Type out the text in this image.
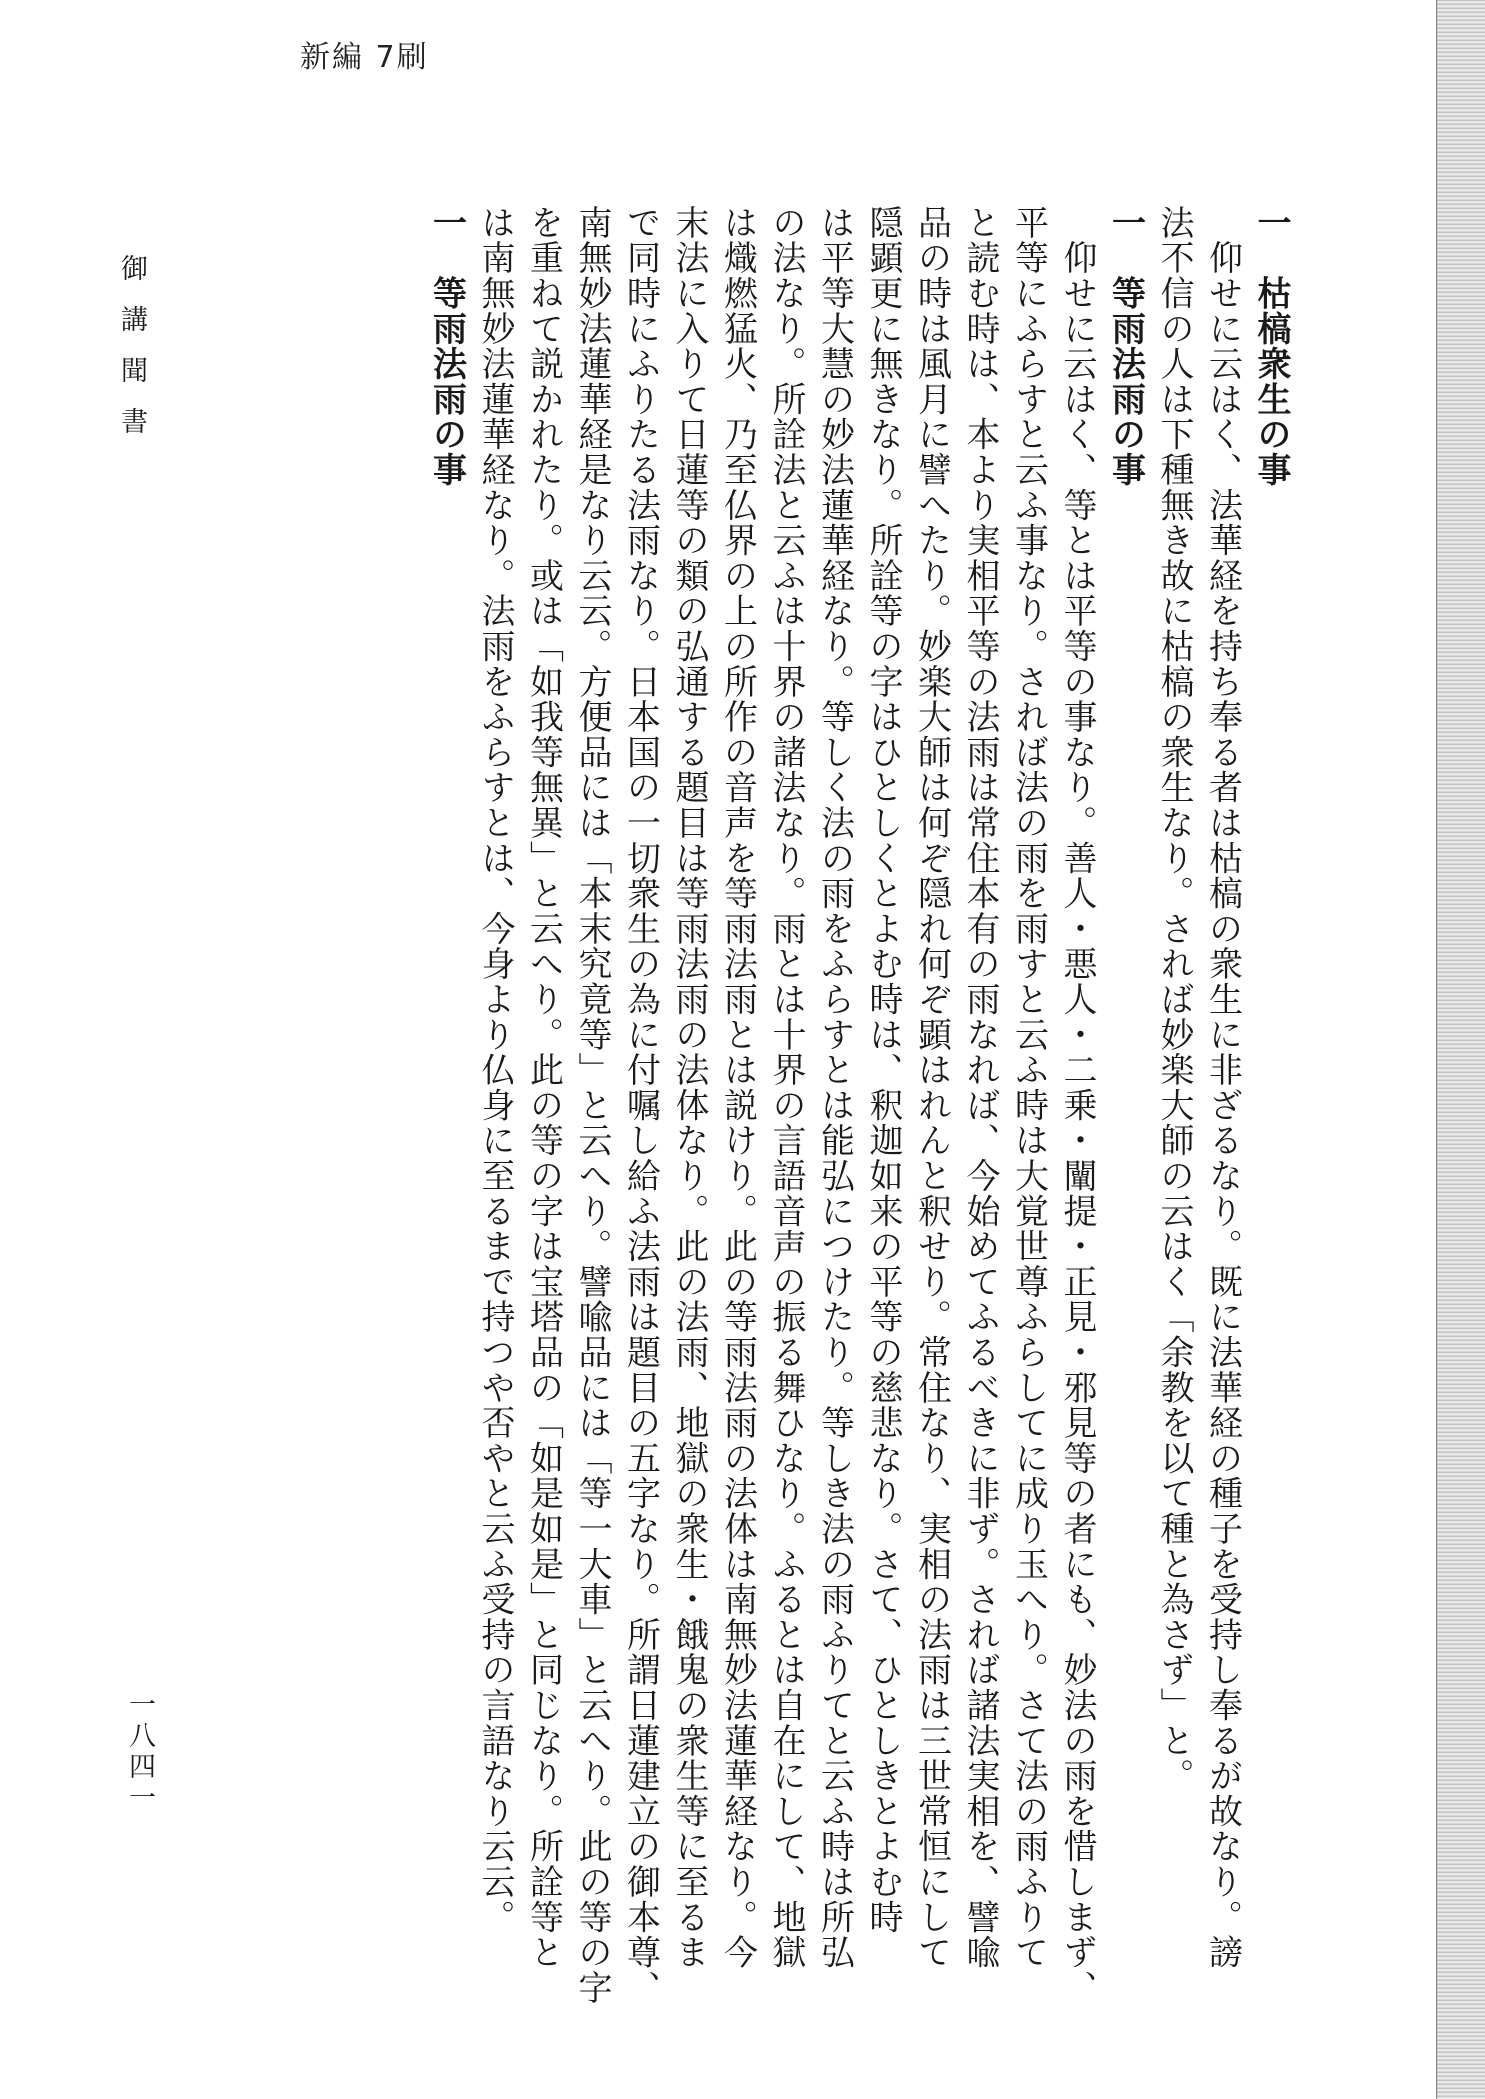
新編 7刷

一　枯槁衆生の事

　仰せに云はく、法華経を持ち奉る者は枯槁の衆生に非ざるなり。既に法華経の種子を受持し奉るが故なり。謗

法不信の人は下種無き故に枯槁の衆生なり。されば妙楽大師の云はく「余教を以て種と為さず」と。

一　等雨法雨の事

　仰せに云はく、等とは平等の事なり。善人・悪人・二乗・闡提・正見・邪見等の者にも、妙法の雨を惜しまず、

平等にふらすと云ふ事なり。されば法の雨を雨すと云ふ時は大覚世尊ふらしてに成り玉へり。さて法の雨ふりて

と読む時は、本より実相平等の法雨は常住本有の雨なれば、今始めてふるべきに非ず。されば諸法実相を、譬喩

品の時は風月に譬へたり。妙楽大師は何ぞ隠れ何ぞ顕はれんと釈せり。常住なり、実相の法雨は三世常恒にして

隠顕更に無きなり。所詮等の字はひとしくとよむ時は、釈迦如来の平等の慈悲なり。さて、ひとしきとよむ時

は平等大慧の妙法蓮華経なり。等しく法の雨をふらすとは能弘につけたり。等しき法の雨ふりてと云ふ時は所弘

の法なり。所詮法と云ふは十界の諸法なり。雨とは十界の言語音声の振る舞ひなり。ふるとは自在にして、地獄

は熾燃猛火、乃至仏界の上の所作の音声を等雨法雨とは説けり。此の等雨法雨の法体は南無妙法蓮華経なり。今

末法に入りて日蓮等の類の弘通する題目は等雨法雨の法体なり。此の法雨、地獄の衆生・餓鬼の衆生等に至るま

で同時にふりたる法雨なり。日本国の一切衆生の為に付嘱し給ふ法雨は題目の五字なり。所謂日蓮建立の御本尊、

南無妙法蓮華経是なり云云。方便品には「本末究竟等」と云へり。譬喩品には「等一大車」と云へり。此の等の字

を重ねて説かれたり。或は「如我等無異」と云へり。此の等の字は宝塔品の「如是如是」と同じなり。所詮等と

は南無妙法蓮華経なり。法雨をふらすとは、今身より仏身に至るまで持つや否やと云ふ受持の言語なり云云。

一　等雨法雨の事

御講聞書
一八四一
